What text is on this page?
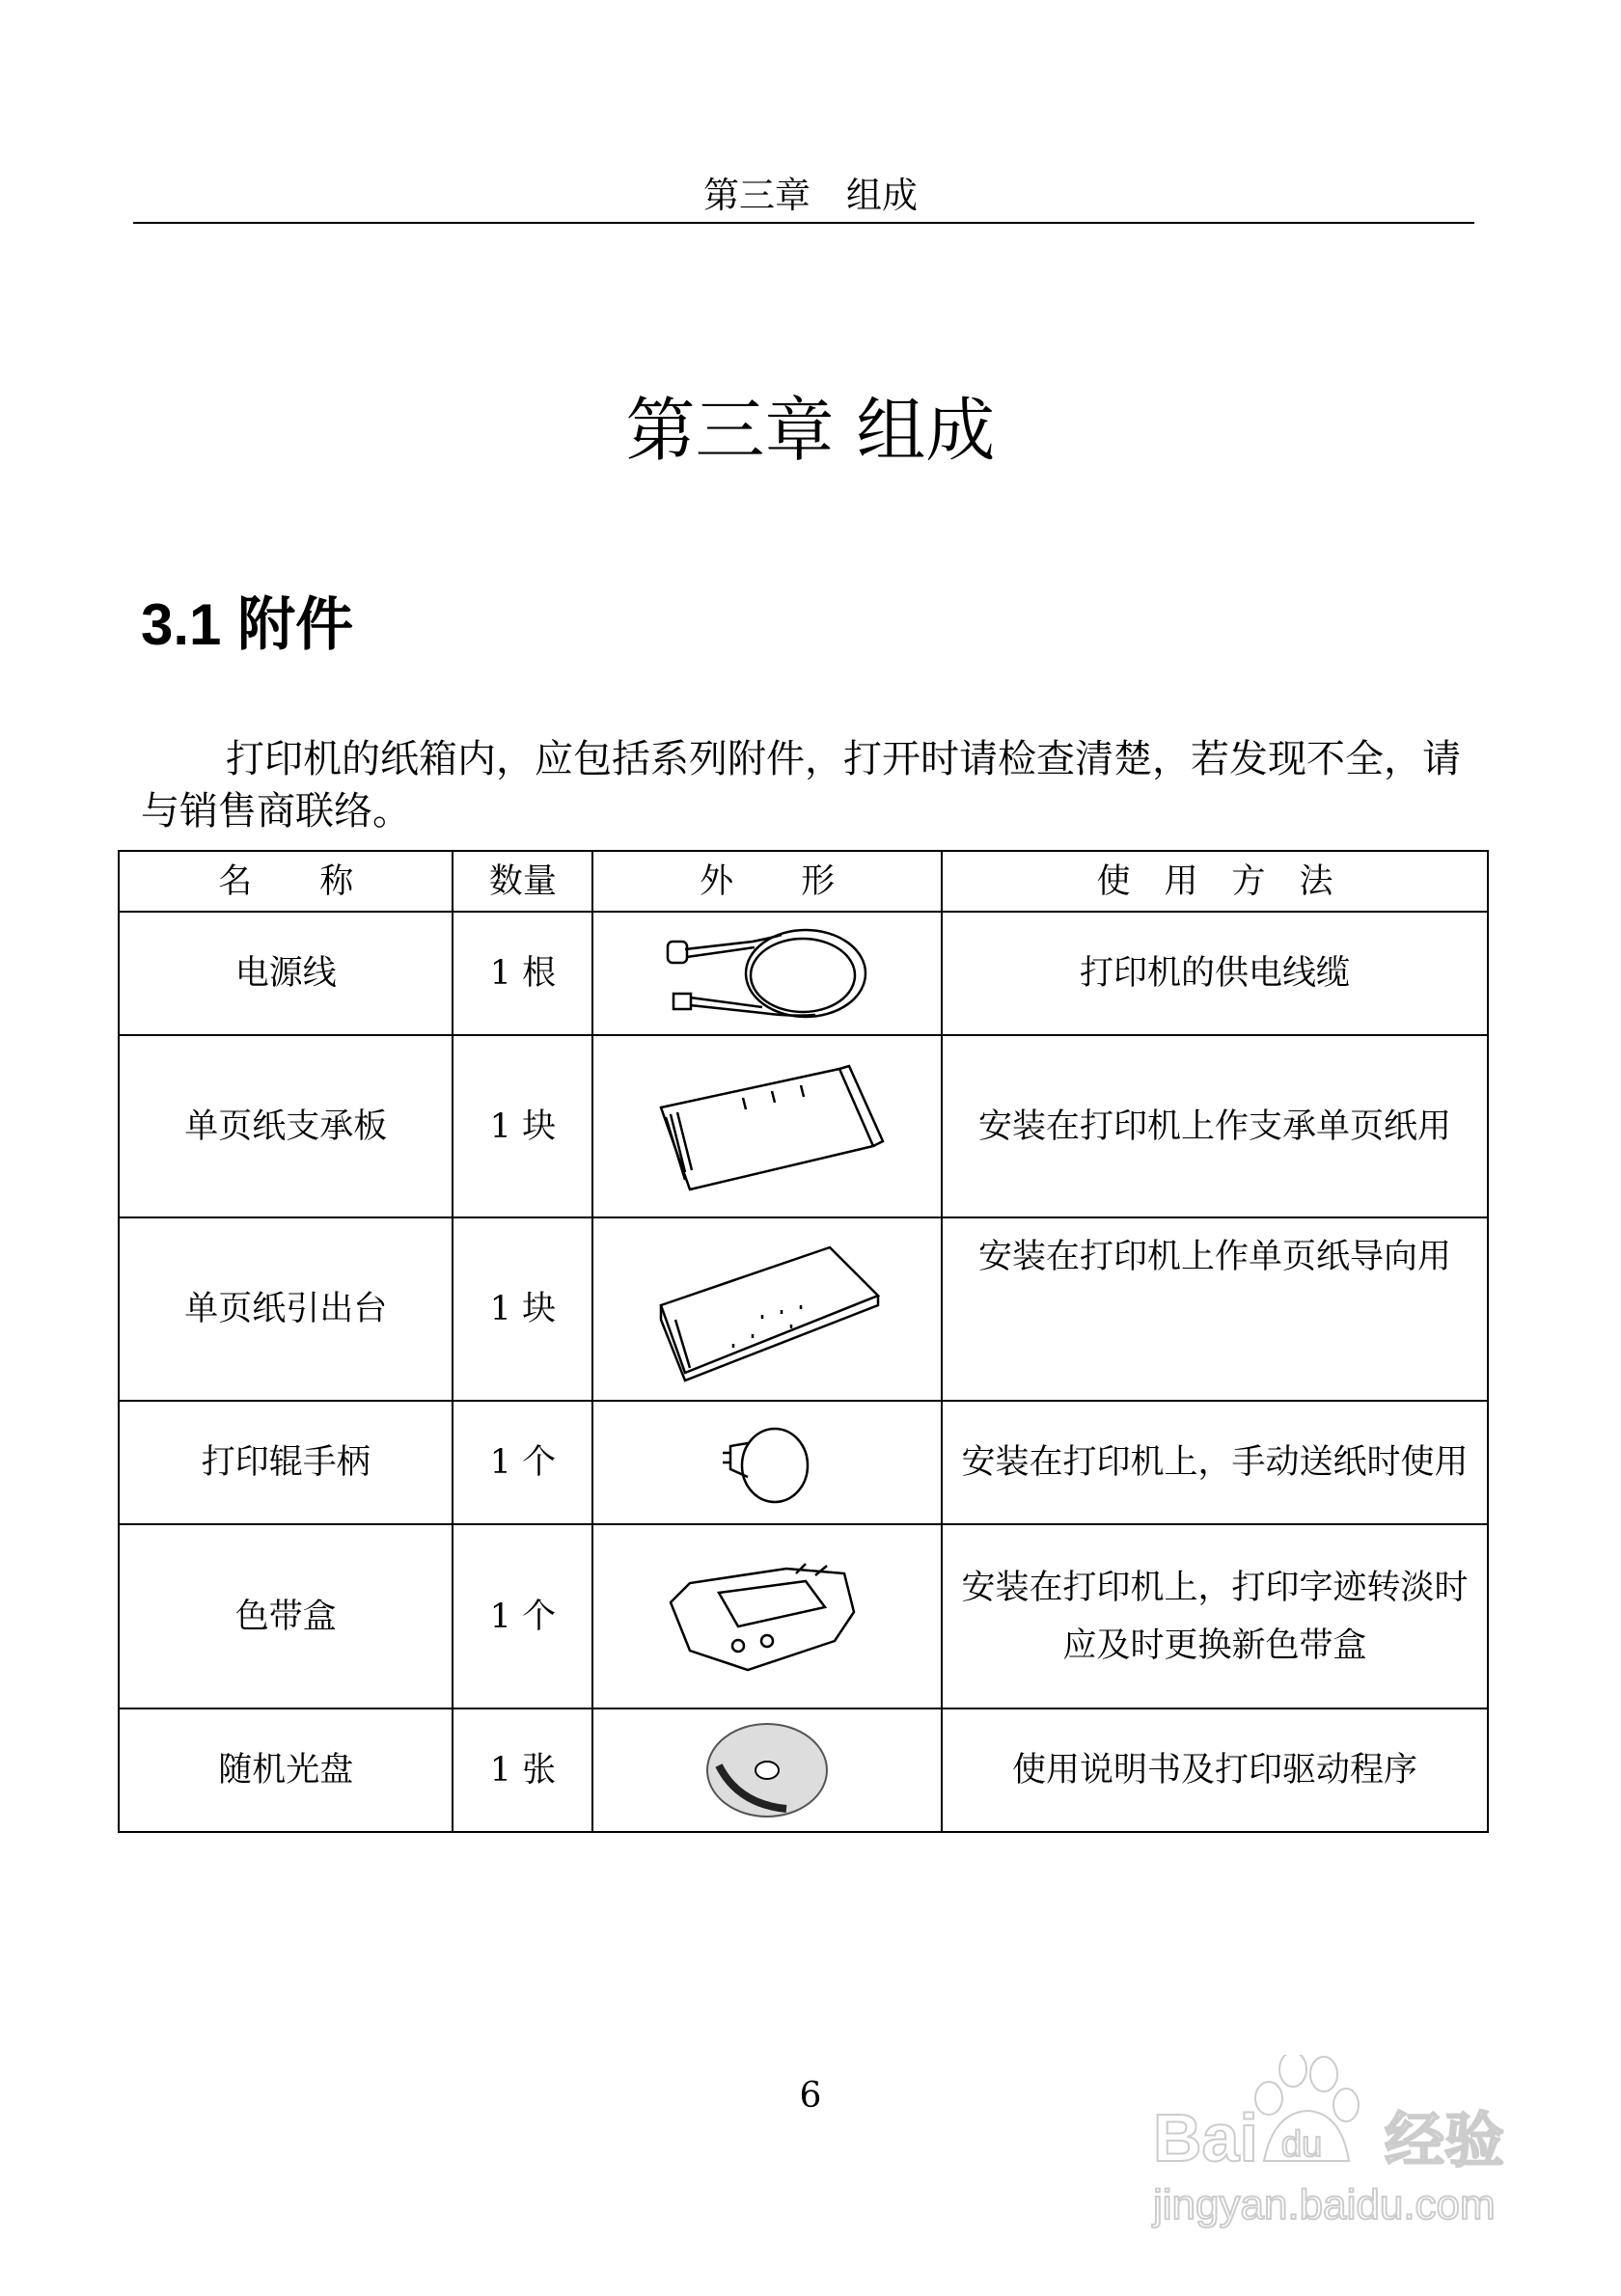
第三章　组成
第三章 组成
3.1 附件
打印机的纸箱内，应包括系列附件，打开时请检查清楚，若发现不全，请与销售商联络。
名　　称	数量	外　　形	使　用　方　法
电源线	1 根		打印机的供电线缆
单页纸支承板	1 块		安装在打印机上作支承单页纸用
单页纸引出台	1 块		安装在打印机上作单页纸导向用
打印辊手柄	1 个		安装在打印机上，手动送纸时使用
色带盒	1 个		安装在打印机上，打印字迹转淡时应及时更换新色带盒
随机光盘	1 张		使用说明书及打印驱动程序
6
Bai du 经验
jingyan.baidu.com
